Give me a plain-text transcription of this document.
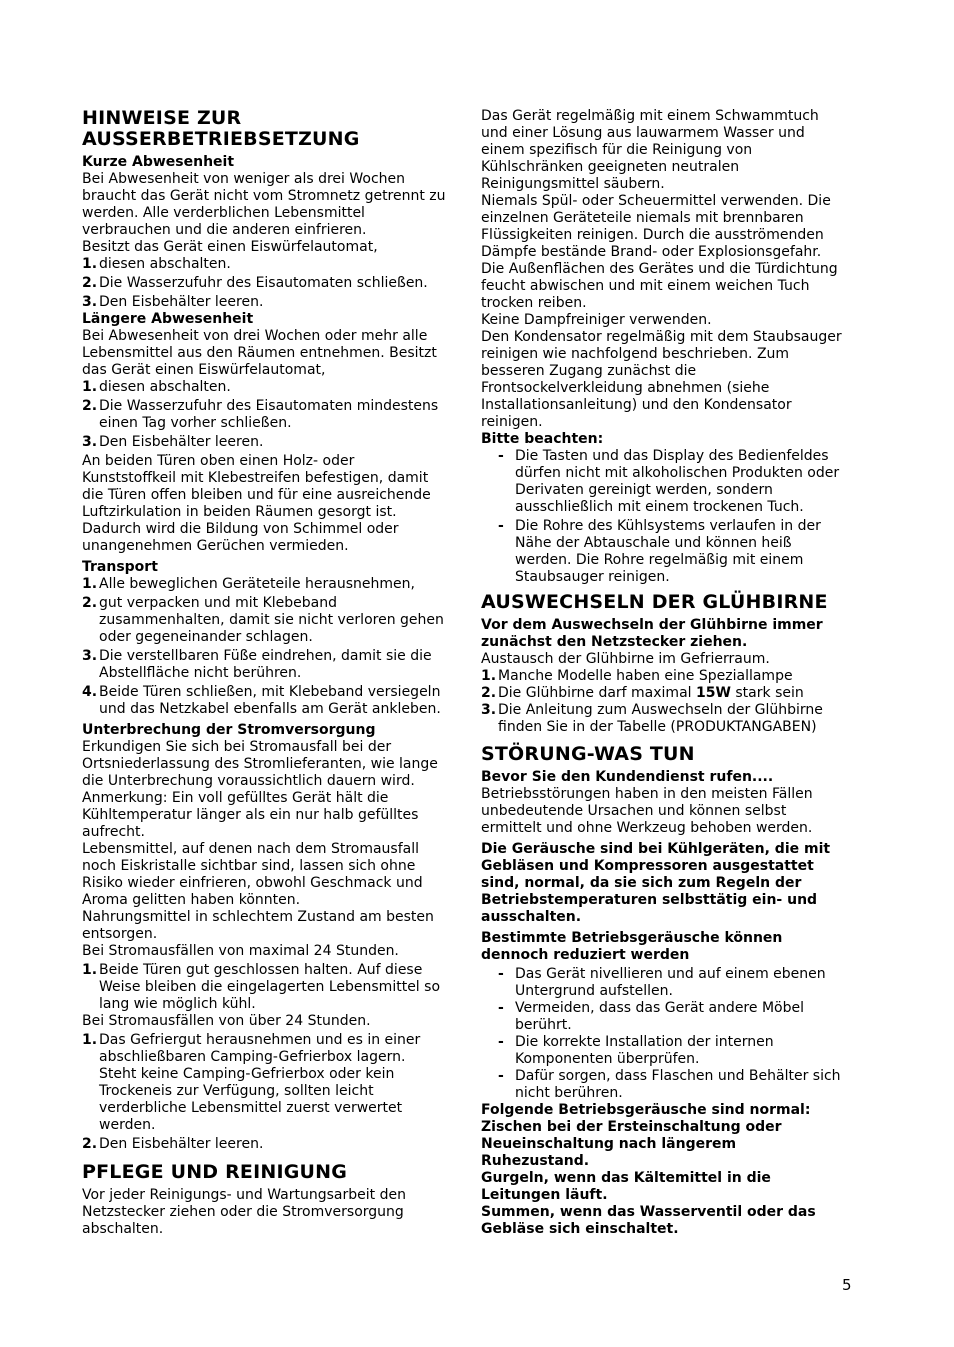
HINWEISE ZUR AUSSERBETRIEBSETZUNG

Kurze Abwesenheit

Bei Abwesenheit von weniger als drei Wochen braucht das Gerät nicht vom Stromnetz getrennt zu werden. Alle verderblichen Lebensmittel verbrauchen und die anderen einfrieren.

Besitzt das Gerät einen Eiswürfelautomat,

1. diesen abschalten.
2. Die Wasserzufuhr des Eisautomaten schließen.
3. Den Eisbehälter leeren.

Längere Abwesenheit

Bei Abwesenheit von drei Wochen oder mehr alle Lebensmittel aus den Räumen entnehmen. Besitzt das Gerät einen Eiswürfelautomat,

1. diesen abschalten.
2. Die Wasserzufuhr des Eisautomaten mindestens einen Tag vorher schließen.
3. Den Eisbehälter leeren.

An beiden Türen oben einen Holz- oder Kunststoffkeil mit Klebestreifen befestigen, damit die Türen offen bleiben und für eine ausreichende Luftzirkulation in beiden Räumen gesorgt ist. Dadurch wird die Bildung von Schimmel oder unangenehmen Gerüchen vermieden.

Transport

1. Alle beweglichen Geräteteile herausnehmen,
2. gut verpacken und mit Klebeband zusammenhalten, damit sie nicht verloren gehen oder gegeneinander schlagen.
3. Die verstellbaren Füße eindrehen, damit sie die Abstellfläche nicht berühren.
4. Beide Türen schließen, mit Klebeband versiegeln und das Netzkabel ebenfalls am Gerät ankleben.

Unterbrechung der Stromversorgung

Erkundigen Sie sich bei Stromausfall bei der Ortsniederlassung des Stromlieferanten, wie lange die Unterbrechung voraussichtlich dauern wird.

Anmerkung: Ein voll gefülltes Gerät hält die Kühltemperatur länger als ein nur halb gefülltes aufrecht.

Lebensmittel, auf denen nach dem Stromausfall noch Eiskristalle sichtbar sind, lassen sich ohne Risiko wieder einfrieren, obwohl Geschmack und Aroma gelitten haben könnten.

Nahrungsmittel in schlechtem Zustand am besten entsorgen.

Bei Stromausfällen von maximal 24 Stunden.

1. Beide Türen gut geschlossen halten. Auf diese Weise bleiben die eingelagerten Lebensmittel so lang wie möglich kühl.

Bei Stromausfällen von über 24 Stunden.

1. Das Gefriergut herausnehmen und es in einer abschließbaren Camping-Gefrierbox lagern. Steht keine Camping-Gefrierbox oder kein Trockeneis zur Verfügung, sollten leicht verderbliche Lebensmittel zuerst verwertet werden.
2. Den Eisbehälter leeren.
PFLEGE UND REINIGUNG

Vor jeder Reinigungs- und Wartungsarbeit den Netzstecker ziehen oder die Stromversorgung abschalten.

Das Gerät regelmäßig mit einem Schwammtuch und einer Lösung aus lauwarmem Wasser und einem spezifisch für die Reinigung von Kühlschränken geeigneten neutralen Reinigungsmittel säubern.

Niemals Spül- oder Scheuermittel verwenden. Die einzelnen Geräteteile niemals mit brennbaren Flüssigkeiten reinigen. Durch die ausströmenden Dämpfe bestände Brand- oder Explosionsgefahr.

Die Außenflächen des Gerätes und die Türdichtung feucht abwischen und mit einem weichen Tuch trocken reiben.

Keine Dampfreiniger verwenden.

Den Kondensator regelmäßig mit dem Staubsauger reinigen wie nachfolgend beschrieben. Zum besseren Zugang zunächst die Frontsockelverkleidung abnehmen (siehe Installationsanleitung) und den Kondensator reinigen.

Bitte beachten:

- Die Tasten und das Display des Bedienfeldes dürfen nicht mit alkoholischen Produkten oder Derivaten gereinigt werden, sondern ausschließlich mit einem trockenen Tuch.
- Die Rohre des Kühlsystems verlaufen in der Nähe der Abtauschale und können heiß werden. Die Rohre regelmäßig mit einem Staubsauger reinigen.
AUSWECHSELN DER GLÜHBIRNE

Vor dem Auswechseln der Glühbirne immer zunächst den Netzstecker ziehen.

Austausch der Glühbirne im Gefrierraum.

1. Manche Modelle haben eine Speziallampe
2. Die Glühbirne darf maximal 15W stark sein
3. Die Anleitung zum Auswechseln der Glühbirne finden Sie in der Tabelle (PRODUKTANGABEN)
STÖRUNG-WAS TUN

Bevor Sie den Kundendienst rufen....

Betriebsstörungen haben in den meisten Fällen unbedeutende Ursachen und können selbst ermittelt und ohne Werkzeug behoben werden.

Die Geräusche sind bei Kühlgeräten, die mit Gebläsen und Kompressoren ausgestattet sind, normal, da sie sich zum Regeln der Betriebstemperaturen selbsttätig ein- und ausschalten.

Bestimmte Betriebsgeräusche können dennoch reduziert werden

- Das Gerät nivellieren und auf einem ebenen Untergrund aufstellen.
- Vermeiden, dass das Gerät andere Möbel berührt.
- Die korrekte Installation der internen Komponenten überprüfen.
- Dafür sorgen, dass Flaschen und Behälter sich nicht berühren.

Folgende Betriebsgeräusche sind normal: Zischen bei der Ersteinschaltung oder Neueinschaltung nach längerem Ruhezustand.

Gurgeln, wenn das Kältemittel in die Leitungen läuft.

Summen, wenn das Wasserventil oder das Gebläse sich einschaltet.

5
